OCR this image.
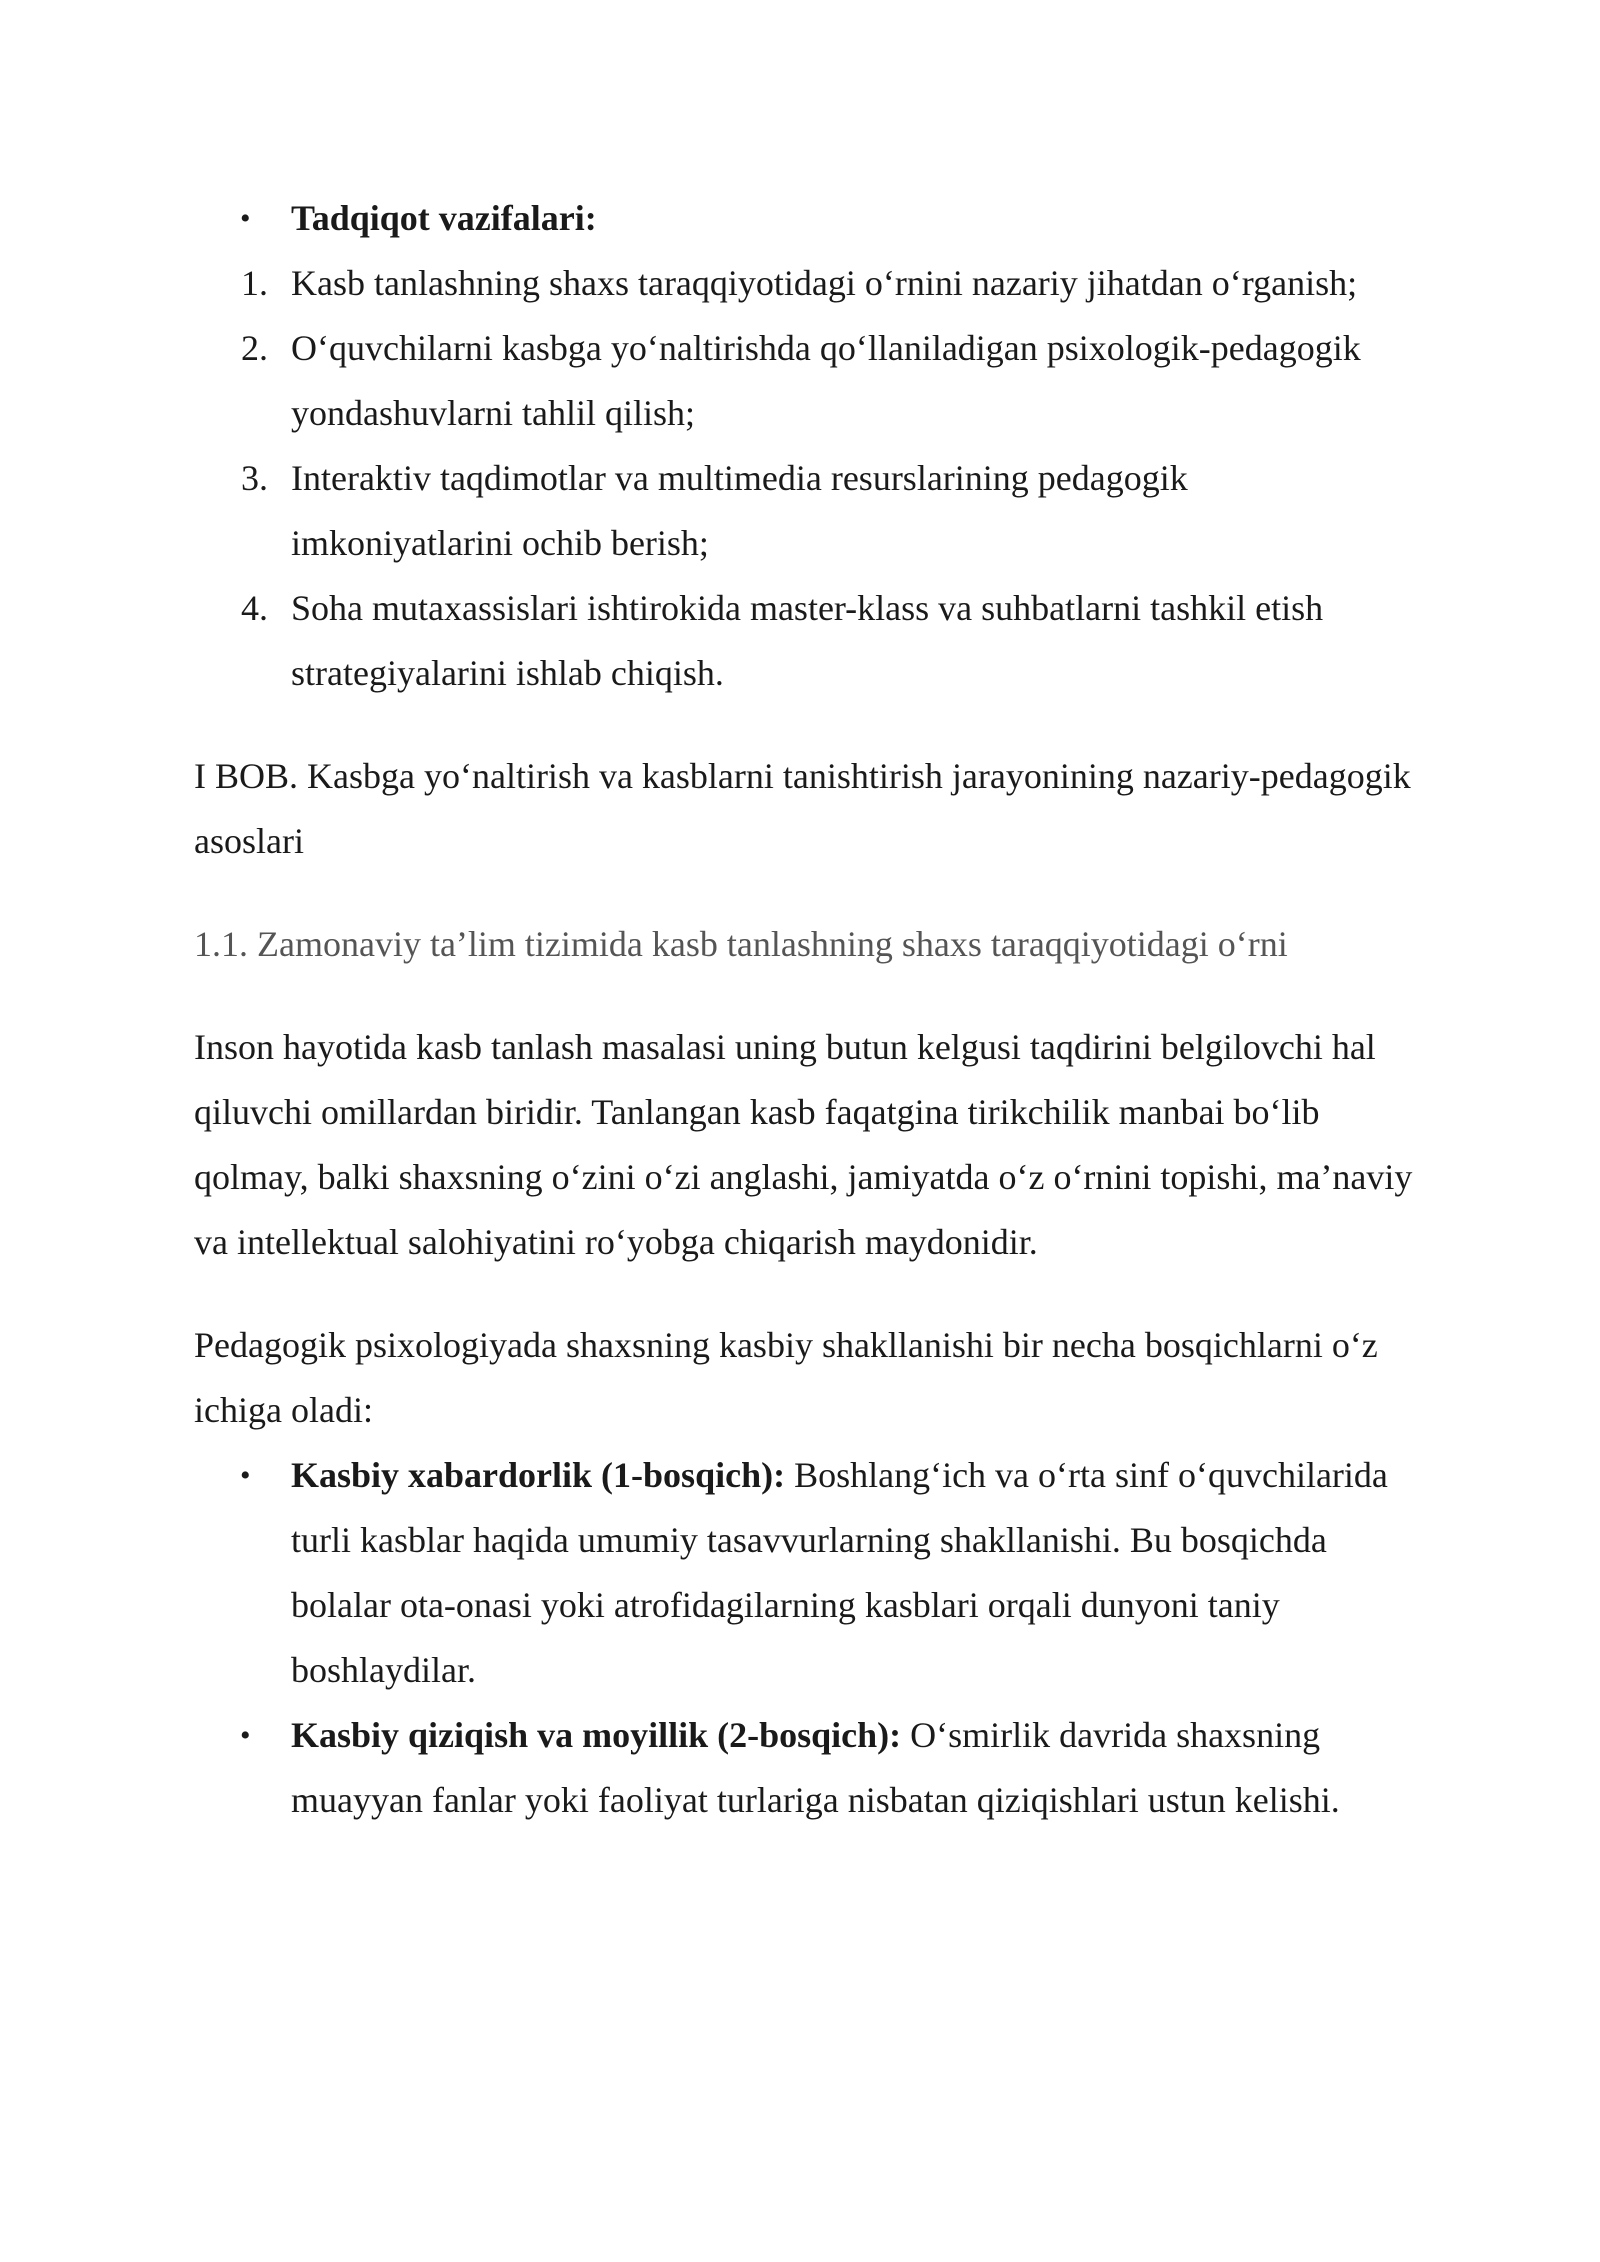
• Tadqiqot vazifalari:
1. Kasb tanlashning shaxs taraqqiyotidagi o‘rnini nazariy jihatdan o‘rganish;
2. O‘quvchilarni kasbga yo‘naltirishda qo‘llaniladigan psixologik-pedagogik yondashuvlarni tahlil qilish;
3. Interaktiv taqdimotlar va multimedia resurslarining pedagogik imkoniyatlarini ochib berish;
4. Soha mutaxassislari ishtirokida master-klass va suhbatlarni tashkil etish strategiyalarini ishlab chiqish.
I BOB. Kasbga yo‘naltirish va kasblarni tanishtirish jarayonining nazariy-pedagogik asoslari
1.1. Zamonaviy ta’lim tizimida kasb tanlashning shaxs taraqqiyotidagi o‘rni
Inson hayotida kasb tanlash masalasi uning butun kelgusi taqdirini belgilovchi hal qiluvchi omillardan biridir. Tanlangan kasb faqatgina tirikchilik manbai bo‘lib qolmay, balki shaxsning o‘zini o‘zi anglashi, jamiyatda o‘z o‘rnini topishi, ma’naviy va intellektual salohiyatini ro‘yobga chiqarish maydonidir.
Pedagogik psixologiyada shaxsning kasbiy shakllanishi bir necha bosqichlarni o‘z ichiga oladi:
• Kasbiy xabardorlik (1-bosqich): Boshlang‘ich va o‘rta sinf o‘quvchilarida turli kasblar haqida umumiy tasavvurlarning shakllanishi. Bu bosqichda bolalar ota-onasi yoki atrofidagilarning kasblari orqali dunyoni taniy boshlaydilar.
• Kasbiy qiziqish va moyillik (2-bosqich): O‘smirlik davrida shaxsning muayyan fanlar yoki faoliyat turlariga nisbatan qiziqishlari ustun kelishi.
